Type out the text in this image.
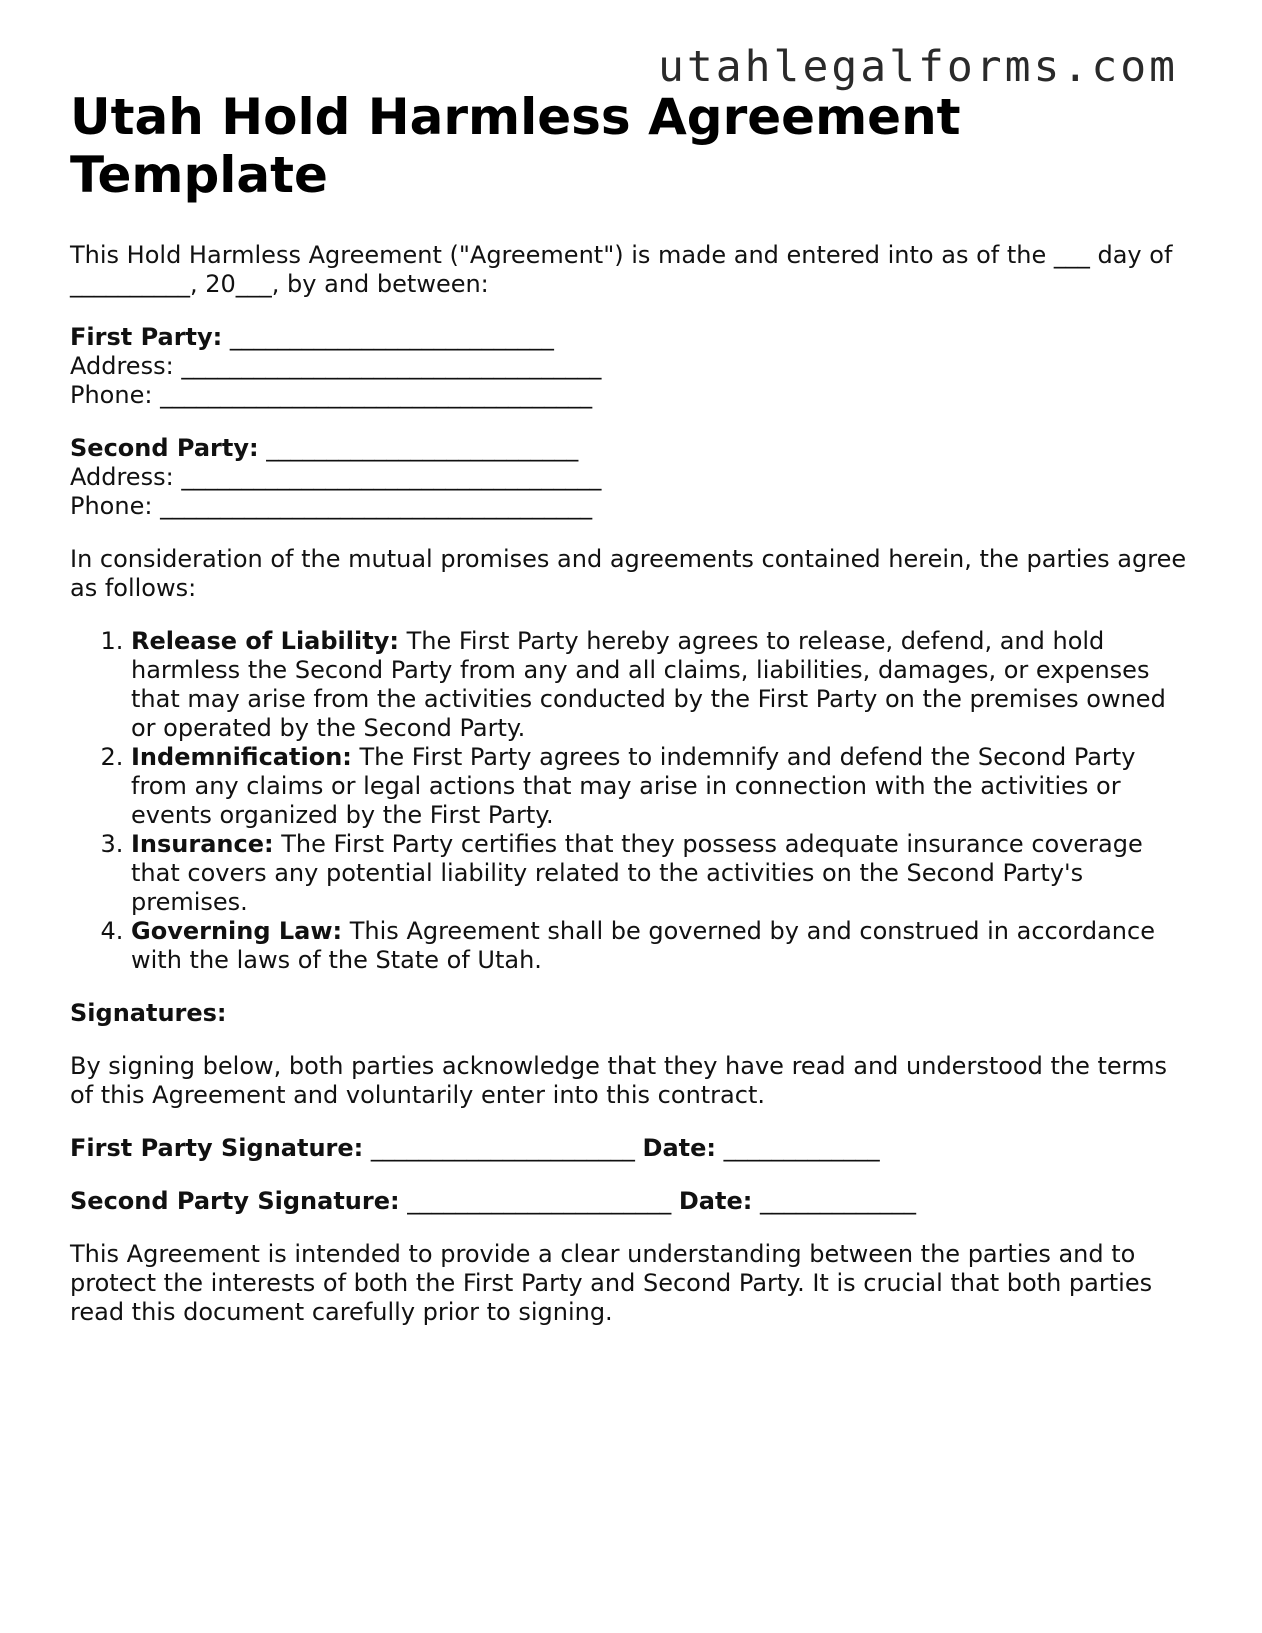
utahlegalforms.com
Utah Hold Harmless Agreement Template

This Hold Harmless Agreement ("Agreement") is made and entered into as of the ___ day of __________, 20___, by and between:

First Party: ___________________________
Address: ___________________________________
Phone: ____________________________________
Second Party: __________________________
Address: ___________________________________
Phone: ____________________________________

In consideration of the mutual promises and agreements contained herein, the parties agree as follows:

1. Release of Liability: The First Party hereby agrees to release, defend, and hold harmless the Second Party from any and all claims, liabilities, damages, or expenses that may arise from the activities conducted by the First Party on the premises owned or operated by the Second Party.
2. Indemnification: The First Party agrees to indemnify and defend the Second Party from any claims or legal actions that may arise in connection with the activities or events organized by the First Party.
3. Insurance: The First Party certifies that they possess adequate insurance coverage that covers any potential liability related to the activities on the Second Party's premises.
4. Governing Law: This Agreement shall be governed by and construed in accordance with the laws of the State of Utah.

Signatures:

By signing below, both parties acknowledge that they have read and understood the terms of this Agreement and voluntarily enter into this contract.

First Party Signature: ______________________ Date: _____________

Second Party Signature: ______________________ Date: _____________

This Agreement is intended to provide a clear understanding between the parties and to protect the interests of both the First Party and Second Party. It is crucial that both parties read this document carefully prior to signing.
